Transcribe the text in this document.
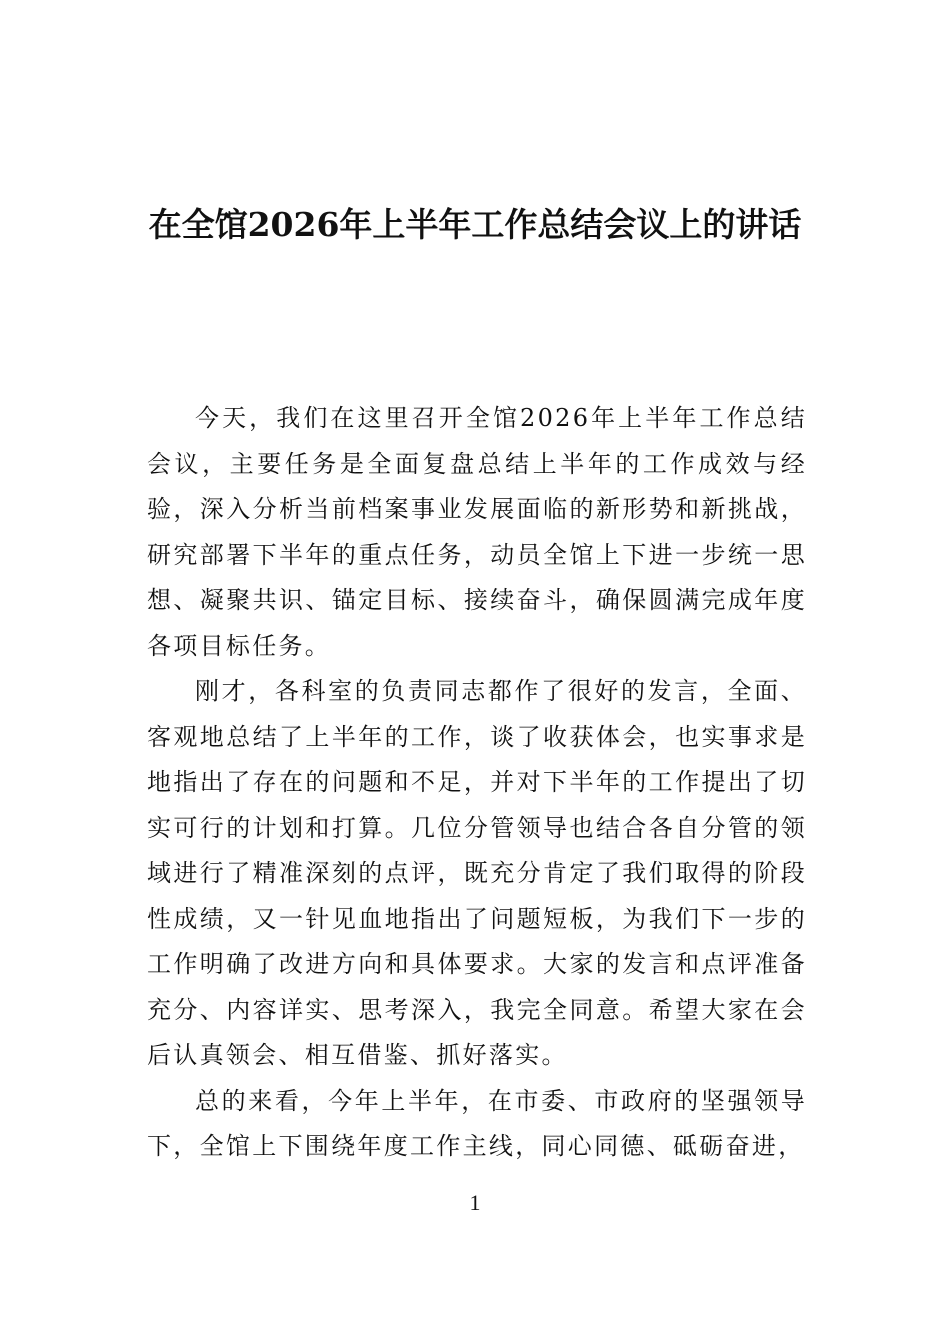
在全馆2026年上半年工作总结会议上的讲话

今天，我们在这里召开全馆2026年上半年工作总结会议，主要任务是全面复盘总结上半年的工作成效与经验，深入分析当前档案事业发展面临的新形势和新挑战，研究部署下半年的重点任务，动员全馆上下进一步统一思想、凝聚共识、锚定目标、接续奋斗，确保圆满完成年度各项目标任务。

刚才，各科室的负责同志都作了很好的发言，全面、客观地总结了上半年的工作，谈了收获体会，也实事求是地指出了存在的问题和不足，并对下半年的工作提出了切实可行的计划和打算。几位分管领导也结合各自分管的领域进行了精准深刻的点评，既充分肯定了我们取得的阶段性成绩，又一针见血地指出了问题短板，为我们下一步的工作明确了改进方向和具体要求。大家的发言和点评准备充分、内容详实、思考深入，我完全同意。希望大家在会后认真领会、相互借鉴、抓好落实。

总的来看，今年上半年，在市委、市政府的坚强领导下，全馆上下围绕年度工作主线，同心同德、砥砺奋进，

1
